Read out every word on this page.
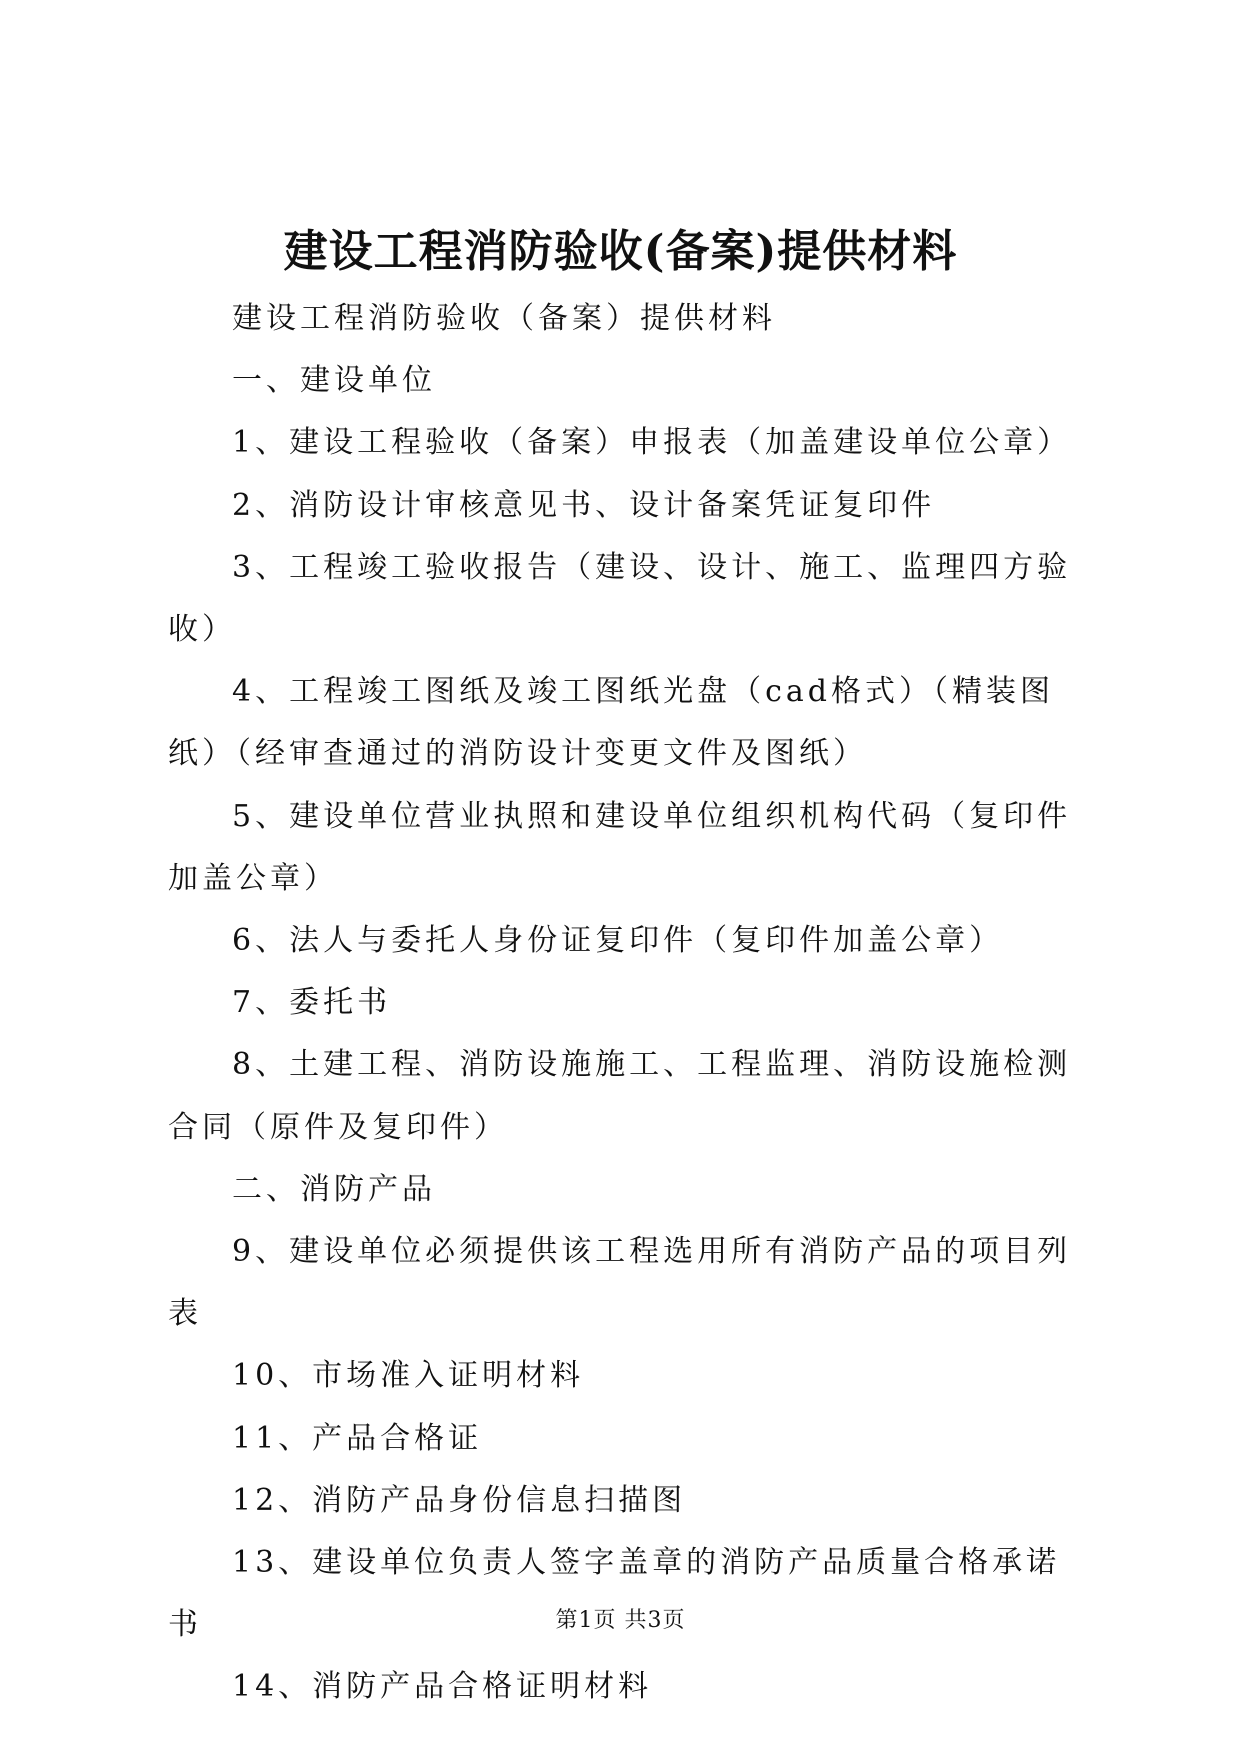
建设工程消防验收(备案)提供材料

建设工程消防验收（备案）提供材料

一、建设单位

1、建设工程验收（备案）申报表（加盖建设单位公章）

2、消防设计审核意见书、设计备案凭证复印件

3、工程竣工验收报告（建设、设计、施工、监理四方验收）

4、工程竣工图纸及竣工图纸光盘（cad格式）（精装图纸）（经审查通过的消防设计变更文件及图纸）

5、建设单位营业执照和建设单位组织机构代码（复印件加盖公章）

6、法人与委托人身份证复印件（复印件加盖公章）

7、委托书

8、土建工程、消防设施施工、工程监理、消防设施检测合同（原件及复印件）

二、消防产品

9、建设单位必须提供该工程选用所有消防产品的项目列表

10、市场准入证明材料

11、产品合格证

12、消防产品身份信息扫描图

13、建设单位负责人签字盖章的消防产品质量合格承诺书

14、消防产品合格证明材料

第1页 共3页
